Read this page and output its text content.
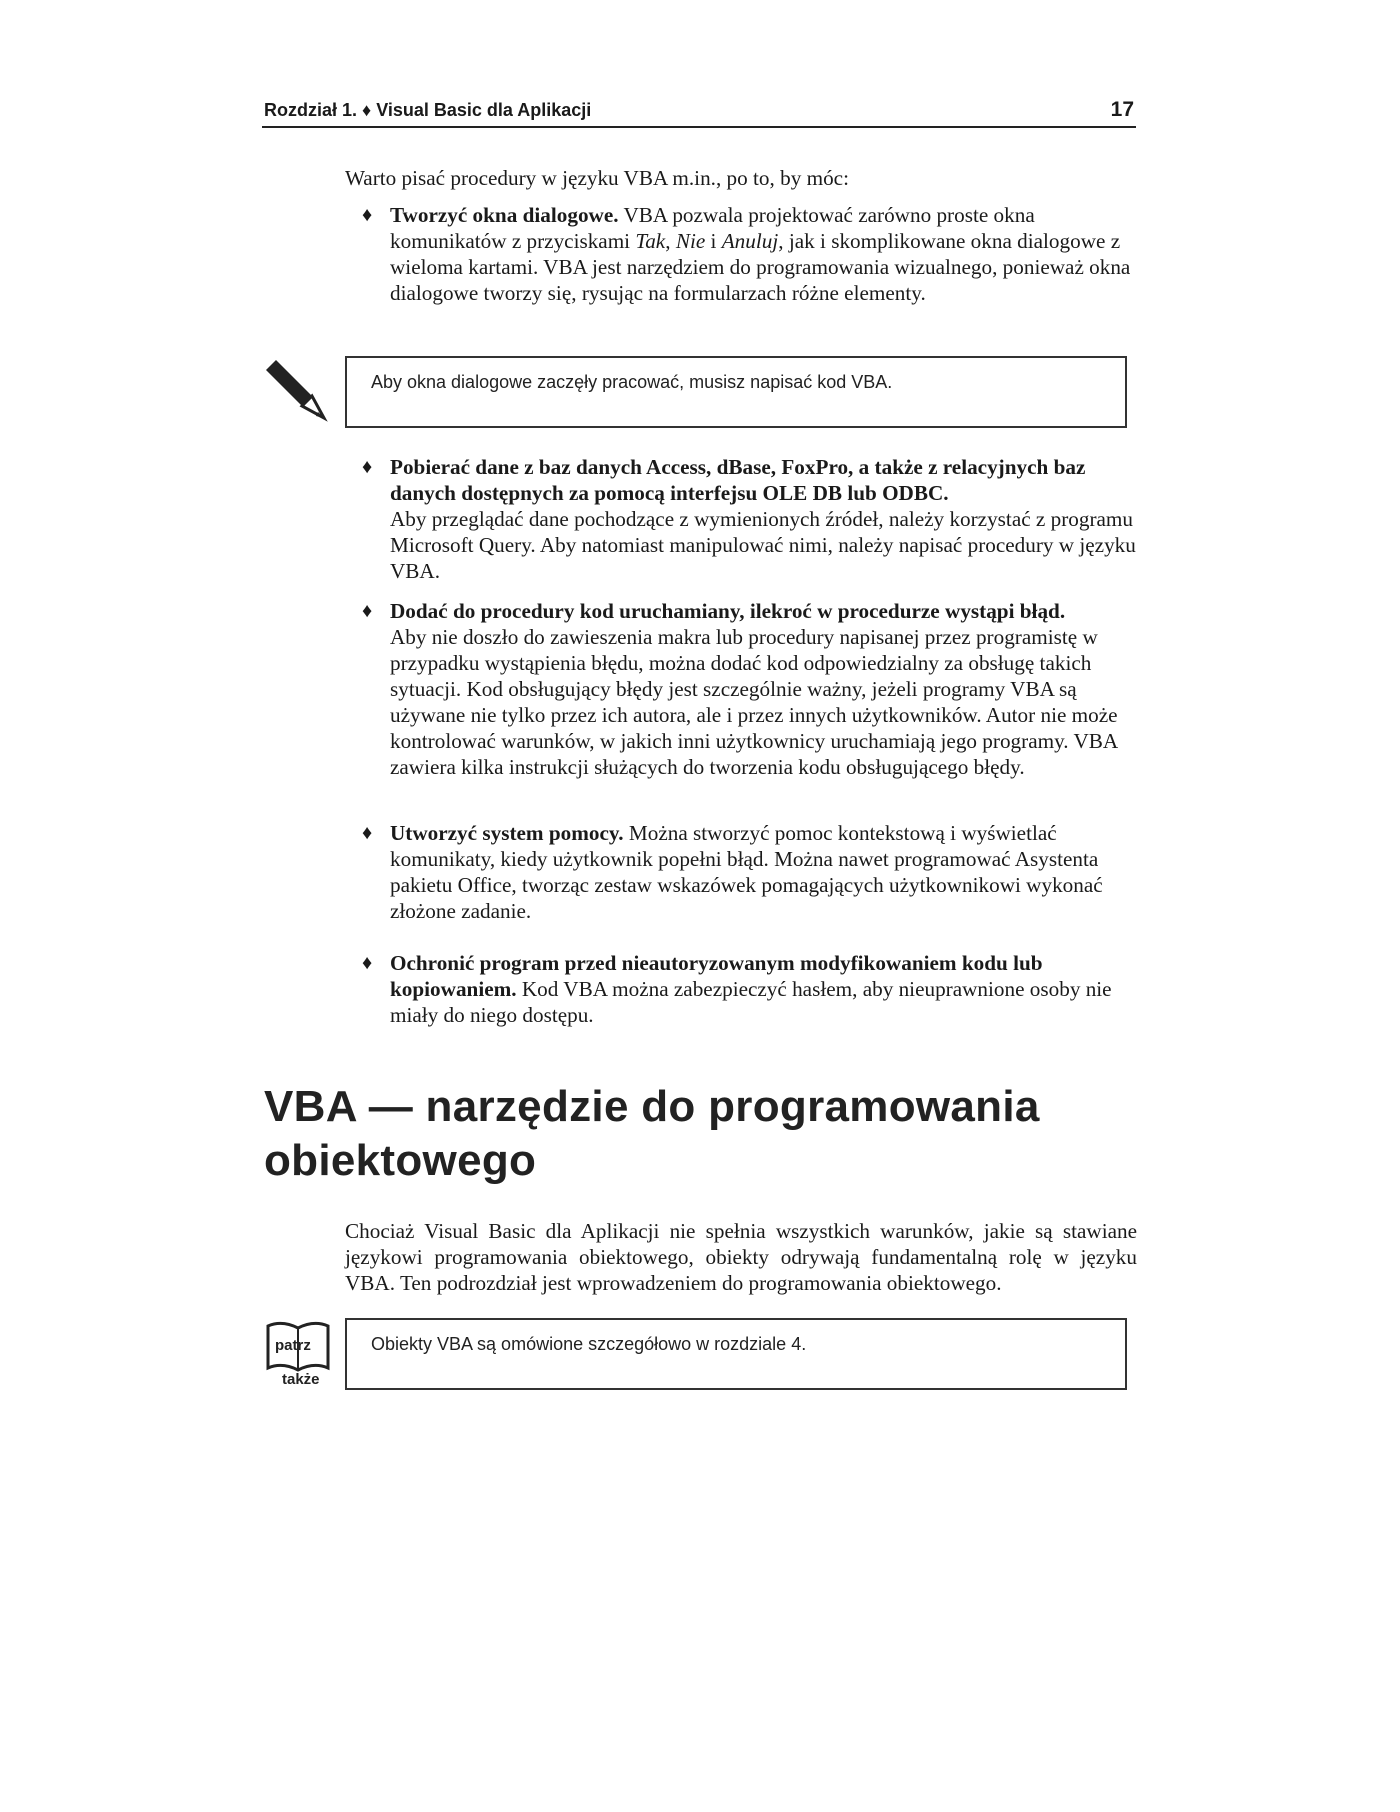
Rozdział 1. ♦ Visual Basic dla Aplikacji	17
Warto pisać procedury w języku VBA m.in., po to, by móc:
♦ Tworzyć okna dialogowe. VBA pozwala projektować zarówno proste okna komunikatów z przyciskami Tak, Nie i Anuluj, jak i skomplikowane okna dialogowe z wieloma kartami. VBA jest narzędziem do programowania wizualnego, ponieważ okna dialogowe tworzy się, rysując na formularzach różne elementy.
Aby okna dialogowe zaczęły pracować, musisz napisać kod VBA.
♦ Pobierać dane z baz danych Access, dBase, FoxPro, a także z relacyjnych baz danych dostępnych za pomocą interfejsu OLE DB lub ODBC.
Aby przeglądać dane pochodzące z wymienionych źródeł, należy korzystać z programu Microsoft Query. Aby natomiast manipulować nimi, należy napisać procedury w języku VBA.
♦ Dodać do procedury kod uruchamiany, ilekroć w procedurze wystąpi błąd.
Aby nie doszło do zawieszenia makra lub procedury napisanej przez programistę w przypadku wystąpienia błędu, można dodać kod odpowiedzialny za obsługę takich sytuacji. Kod obsługujący błędy jest szczególnie ważny, jeżeli programy VBA są używane nie tylko przez ich autora, ale i przez innych użytkowników. Autor nie może kontrolować warunków, w jakich inni użytkownicy uruchamiają jego programy. VBA zawiera kilka instrukcji służących do tworzenia kodu obsługującego błędy.
♦ Utworzyć system pomocy. Można stworzyć pomoc kontekstową i wyświetlać komunikaty, kiedy użytkownik popełni błąd. Można nawet programować Asystenta pakietu Office, tworząc zestaw wskazówek pomagających użytkownikowi wykonać złożone zadanie.
♦ Ochronić program przed nieautoryzowanym modyfikowaniem kodu lub kopiowaniem. Kod VBA można zabezpieczyć hasłem, aby nieuprawnione osoby nie miały do niego dostępu.
VBA — narzędzie do programowania
obiektowego
Chociaż Visual Basic dla Aplikacji nie spełnia wszystkich warunków, jakie są stawiane językowi programowania obiektowego, obiekty odrywają fundamentalną rolę w języku VBA. Ten podrozdział jest wprowadzeniem do programowania obiektowego.
patrz
także
Obiekty VBA są omówione szczegółowo w rozdziale 4.
